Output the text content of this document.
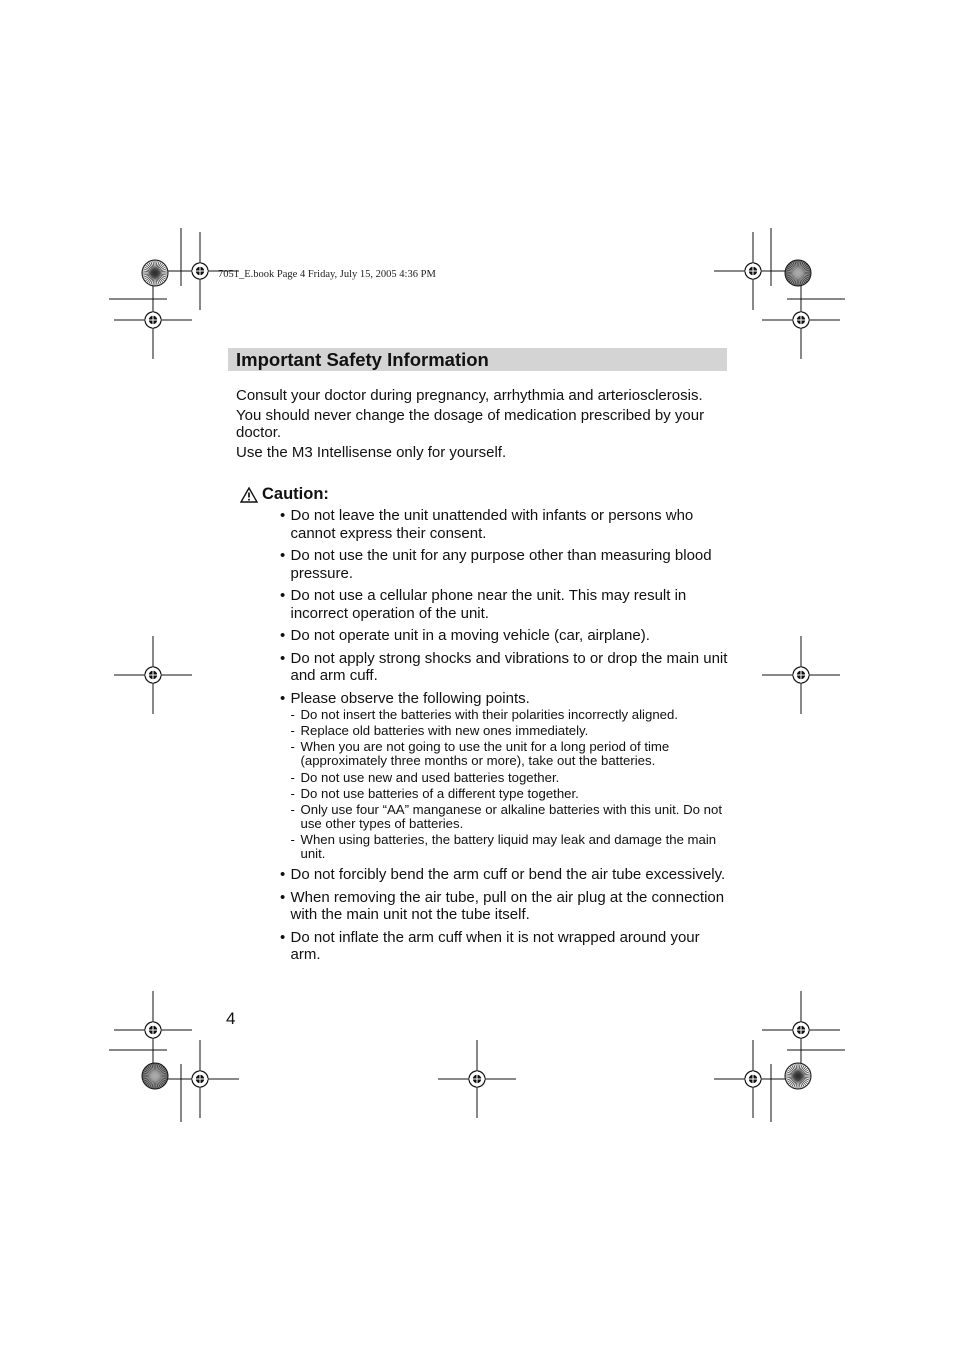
7051_E.book Page 4 Friday, July 15, 2005 4:36 PM
Important Safety Information

Consult your doctor during pregnancy, arrhythmia and arteriosclerosis.

You should never change the dosage of medication prescribed by your doctor.

Use the M3 Intellisense only for yourself.

Caution:
• Do not leave the unit unattended with infants or persons who cannot express their consent.
• Do not use the unit for any purpose other than measuring blood pressure.
• Do not use a cellular phone near the unit. This may result in incorrect operation of the unit.
• Do not operate unit in a moving vehicle (car, airplane).
• Do not apply strong shocks and vibrations to or drop the main unit and arm cuff.
• Please observe the following points.
- Do not insert the batteries with their polarities incorrectly aligned.
- Replace old batteries with new ones immediately.
- When you are not going to use the unit for a long period of time (approximately three months or more), take out the batteries.
- Do not use new and used batteries together.
- Do not use batteries of a different type together.
- Only use four “AA” manganese or alkaline batteries with this unit. Do not use other types of batteries.
- When using batteries, the battery liquid may leak and damage the main unit.
• Do not forcibly bend the arm cuff or bend the air tube excessively.
• When removing the air tube, pull on the air plug at the connection with the main unit not the tube itself.
• Do not inflate the arm cuff when it is not wrapped around your arm.
4
